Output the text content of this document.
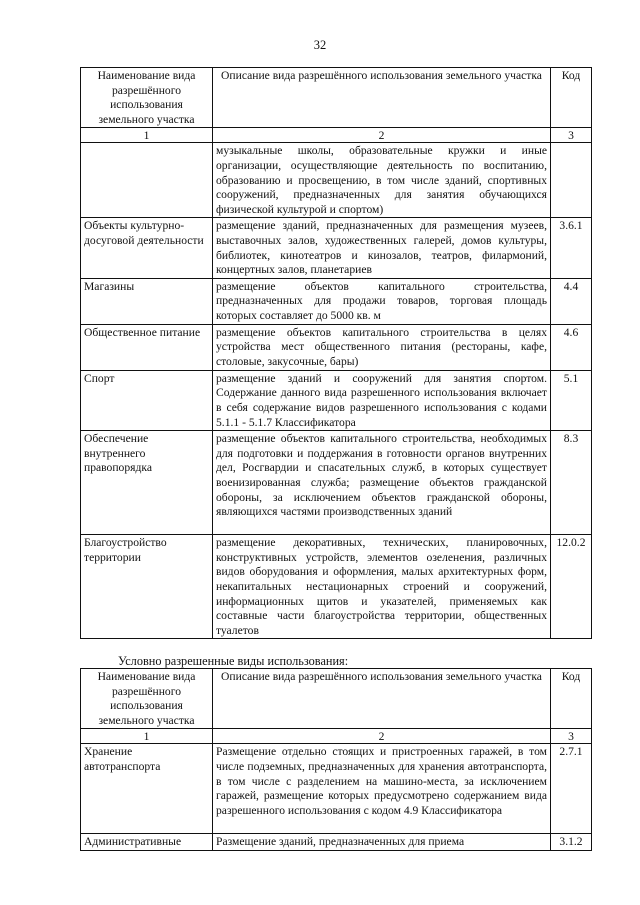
32
Наименование вида разрешённого использования земельного участка	Описание вида разрешённого использования земельного участка	Код
1	2	3
	музыкальные школы, образовательные кружки и иные организации, осуществляющие деятельность по воспитанию, образованию и просвещению, в том числе зданий, спортивных сооружений, предназначенных для занятия обучающихся физической культурой и спортом)	
Объекты культурно-досуговой деятельности	размещение зданий, предназначенных для размещения музеев, выставочных залов, художественных галерей, домов культуры, библиотек, кинотеатров и кинозалов, театров, филармоний, концертных залов, планетариев	3.6.1
Магазины	размещение объектов капитального строительства, предназначенных для продажи товаров, торговая площадь которых составляет до 5000 кв. м	4.4
Общественное питание	размещение объектов капитального строительства в целях устройства мест общественного питания (рестораны, кафе, столовые, закусочные, бары)	4.6
Спорт	размещение зданий и сооружений для занятия спортом. Содержание данного вида разрешенного использования включает в себя содержание видов разрешенного использования с кодами 5.1.1 - 5.1.7 Классификатора	5.1
Обеспечение внутреннего правопорядка	размещение объектов капитального строительства, необходимых для подготовки и поддержания в готовности органов внутренних дел, Росгвардии и спасательных служб, в которых существует военизированная служба; размещение объектов гражданской обороны, за исключением объектов гражданской обороны, являющихся частями производственных зданий	8.3
Благоустройство территории	размещение декоративных, технических, планировочных, конструктивных устройств, элементов озеленения, различных видов оборудования и оформления, малых архитектурных форм, некапитальных нестационарных строений и сооружений, информационных щитов и указателей, применяемых как составные части благоустройства территории, общественных туалетов	12.0.2
Условно разрешенные виды использования:
Наименование вида разрешённого использования земельного участка	Описание вида разрешённого использования земельного участка	Код
1	2	3
Хранение автотранспорта	Размещение отдельно стоящих и пристроенных гаражей, в том числе подземных, предназначенных для хранения автотранспорта, в том числе с разделением на машино-места, за исключением гаражей, размещение которых предусмотрено содержанием вида разрешенного использования с кодом 4.9 Классификатора	2.7.1
Административные	Размещение зданий, предназначенных для приема	3.1.2
